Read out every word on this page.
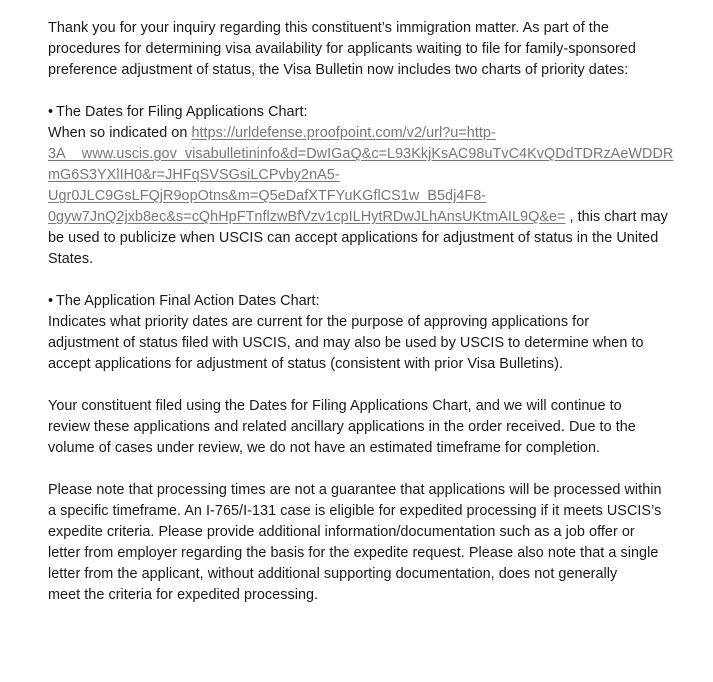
Thank you for your inquiry regarding this constituent’s immigration matter. As part of the
procedures for determining visa availability for applicants waiting to file for family-sponsored
preference adjustment of status, the Visa Bulletin now includes two charts of priority dates:

• The Dates for Filing Applications Chart:
When so indicated on https://urldefense.proofpoint.com/v2/url?u=http-
3A__www.uscis.gov_visabulletininfo&d=DwIGaQ&c=L93KkjKsAC98uTvC4KvQDdTDRzAeWDDR
mG6S3YXlIH0&r=JHFqSVSGsiLCPvby2nA5-
Ugr0JLC9GsLFQjR9opOtns&m=Q5eDafXTFYuKGflCS1w_B5dj4F8-
0gyw7JnQ2jxb8ec&s=cQhHpFTnflzwBfVzv1cpILHytRDwJLhAnsUKtmAIL9Q&e= , this chart may
be used to publicize when USCIS can accept applications for adjustment of status in the United
States.
• The Application Final Action Dates Chart:
Indicates what priority dates are current for the purpose of approving applications for
adjustment of status filed with USCIS, and may also be used by USCIS to determine when to
accept applications for adjustment of status (consistent with prior Visa Bulletins).

Your constituent filed using the Dates for Filing Applications Chart, and we will continue to
review these applications and related ancillary applications in the order received. Due to the
volume of cases under review, we do not have an estimated timeframe for completion.

Please note that processing times are not a guarantee that applications will be processed within
a specific timeframe. An I-765/I-131 case is eligible for expedited processing if it meets USCIS’s
expedite criteria. Please provide additional information/documentation such as a job offer or
letter from employer regarding the basis for the expedite request. Please also note that a single
letter from the applicant, without additional supporting documentation, does not generally
meet the criteria for expedited processing.
